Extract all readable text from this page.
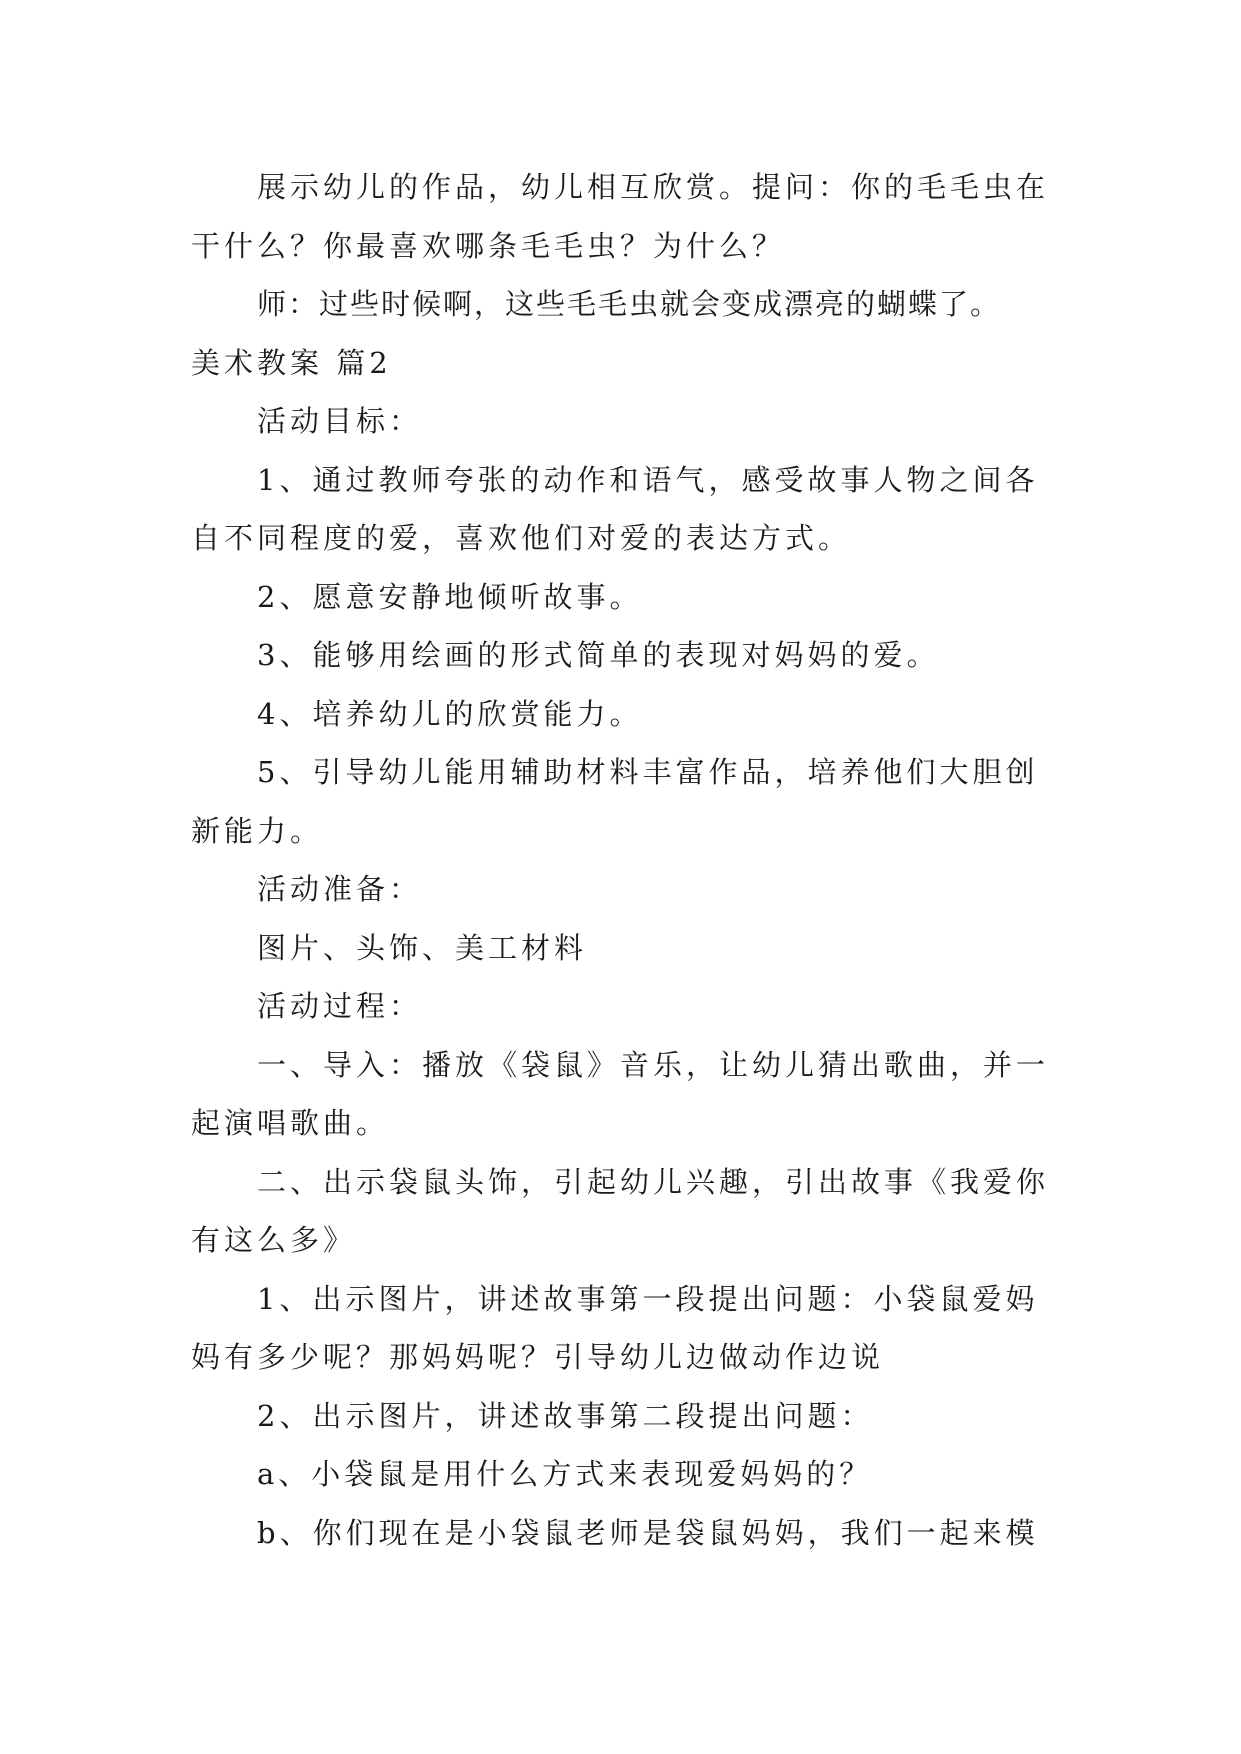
展示幼儿的作品，幼儿相互欣赏。提问：你的毛毛虫在干什么？你最喜欢哪条毛毛虫？为什么？

师：过些时候啊，这些毛毛虫就会变成漂亮的蝴蝶了。

美术教案 篇2

活动目标：

1、通过教师夸张的动作和语气，感受故事人物之间各自不同程度的爱，喜欢他们对爱的表达方式。

2、愿意安静地倾听故事。

3、能够用绘画的形式简单的表现对妈妈的爱。

4、培养幼儿的欣赏能力。

5、引导幼儿能用辅助材料丰富作品，培养他们大胆创新能力。

活动准备：

图片、头饰、美工材料

活动过程：

一、导入：播放《袋鼠》音乐，让幼儿猜出歌曲，并一起演唱歌曲。

二、出示袋鼠头饰，引起幼儿兴趣，引出故事《我爱你有这么多》

1、出示图片，讲述故事第一段提出问题：小袋鼠爱妈妈有多少呢？那妈妈呢？引导幼儿边做动作边说

2、出示图片，讲述故事第二段提出问题：

a、小袋鼠是用什么方式来表现爱妈妈的？

b、你们现在是小袋鼠老师是袋鼠妈妈，我们一起来模
